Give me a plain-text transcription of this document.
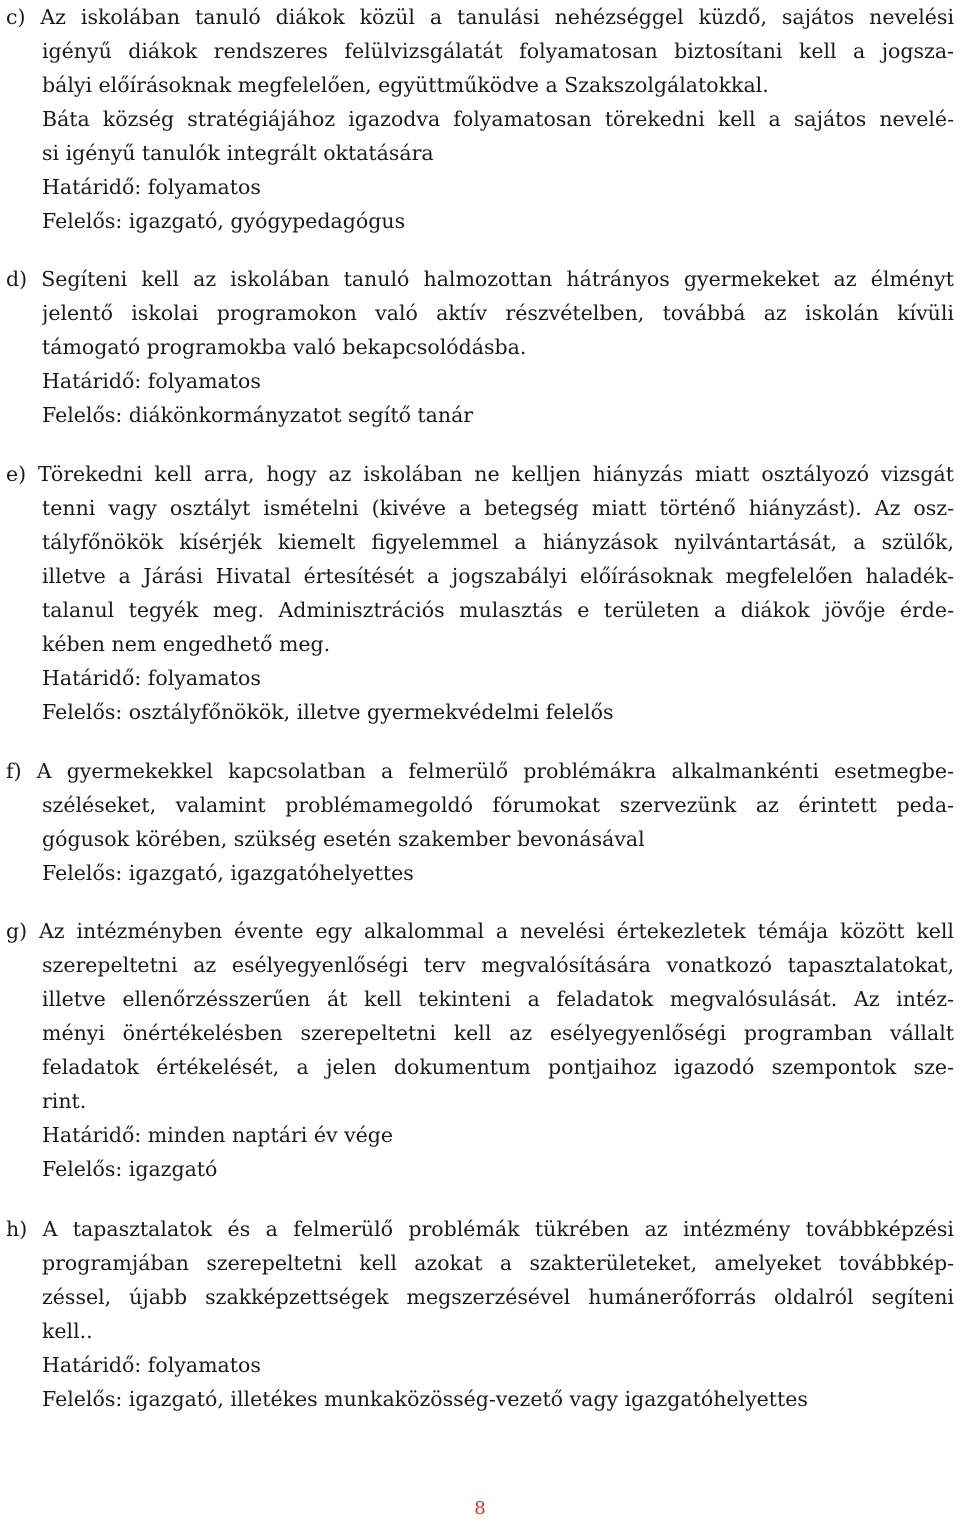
c) Az iskolában tanuló diákok közül a tanulási nehézséggel küzdő, sajátos nevelési
igényű diákok rendszeres felülvizsgálatát folyamatosan biztosítani kell a jogsza-
bályi előírásoknak megfelelően, együttműködve a Szakszolgálatokkal.
Báta község stratégiájához igazodva folyamatosan törekedni kell a sajátos nevelé-
si igényű tanulók integrált oktatására
Határidő: folyamatos
Felelős: igazgató, gyógypedagógus
d) Segíteni kell az iskolában tanuló halmozottan hátrányos gyermekeket az élményt
jelentő iskolai programokon való aktív részvételben, továbbá az iskolán kívüli
támogató programokba való bekapcsolódásba.
Határidő: folyamatos
Felelős: diákönkormányzatot segítő tanár
e) Törekedni kell arra, hogy az iskolában ne kelljen hiányzás miatt osztályozó vizsgát
tenni vagy osztályt ismételni (kivéve a betegség miatt történő hiányzást). Az osz-
tályfőnökök kísérjék kiemelt figyelemmel a hiányzások nyilvántartását, a szülők,
illetve a Járási Hivatal értesítését a jogszabályi előírásoknak megfelelően haladék-
talanul tegyék meg. Adminisztrációs mulasztás e területen a diákok jövője érde-
kében nem engedhető meg.
Határidő: folyamatos
Felelős: osztályfőnökök, illetve gyermekvédelmi felelős
f) A gyermekekkel kapcsolatban a felmerülő problémákra alkalmankénti esetmegbe-
széléseket, valamint problémamegoldó fórumokat szervezünk az érintett peda-
gógusok körében, szükség esetén szakember bevonásával
Felelős: igazgató, igazgatóhelyettes
g) Az intézményben évente egy alkalommal a nevelési értekezletek témája között kell
szerepeltetni az esélyegyenlőségi terv megvalósítására vonatkozó tapasztalatokat,
illetve ellenőrzésszerűen át kell tekinteni a feladatok megvalósulását. Az intéz-
ményi önértékelésben szerepeltetni kell az esélyegyenlőségi programban vállalt
feladatok értékelését, a jelen dokumentum pontjaihoz igazodó szempontok sze-
rint.
Határidő: minden naptári év vége
Felelős: igazgató
h) A tapasztalatok és a felmerülő problémák tükrében az intézmény továbbképzési
programjában szerepeltetni kell azokat a szakterületeket, amelyeket továbbkép-
zéssel, újabb szakképzettségek megszerzésével humánerőforrás oldalról segíteni
kell..
Határidő: folyamatos
Felelős: igazgató, illetékes munkaközösség-vezető vagy igazgatóhelyettes
8
